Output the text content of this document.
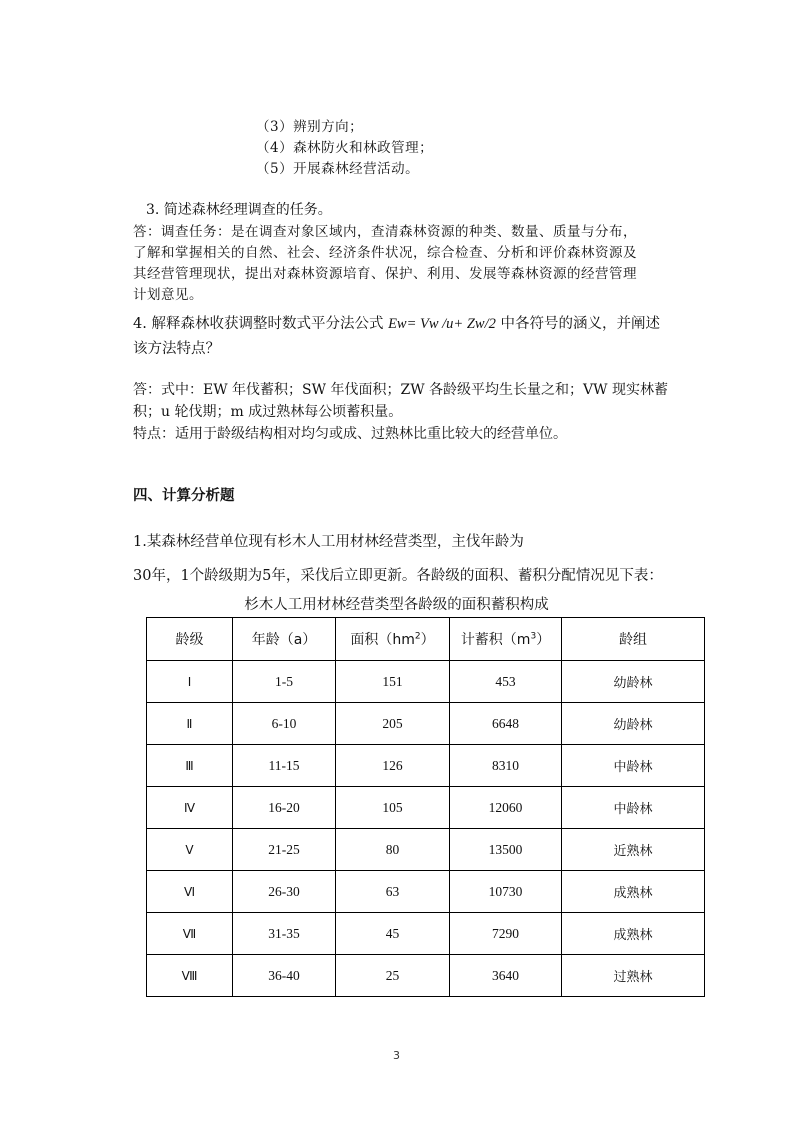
（3）辨别方向；
（4）森林防火和林政管理；
（5）开展森林经营活动。
3. 简述森林经理调查的任务。
答：调查任务：是在调查对象区域内，查清森林资源的种类、数量、质量与分布，
了解和掌握相关的自然、社会、经济条件状况，综合检查、分析和评价森林资源及
其经营管理现状，提出对森林资源培育、保护、利用、发展等森林资源的经营管理
计划意见。
4. 解释森林收获调整时数式平分法公式 Ew= Vw /u+ Zw/2 中各符号的涵义，并阐述
该方法特点？
答：式中：EW 年伐蓄积；SW 年伐面积；ZW 各龄级平均生长量之和；VW 现实林蓄
积；u 轮伐期；m 成过熟林每公顷蓄积量。
特点：适用于龄级结构相对均匀或成、过熟林比重比较大的经营单位。
四、计算分析题
1.某森林经营单位现有杉木人工用材林经营类型，主伐年龄为
30年，1个龄级期为5年，采伐后立即更新。各龄级的面积、蓄积分配情况见下表：
杉木人工用材林经营类型各龄级的面积蓄积构成
龄级	年龄（a）	面积$(hm^2)$	计蓄积$(m^3)$	龄组
Ⅰ	1-5	151	453	幼龄林
Ⅱ	6-10	205	6648	幼龄林
Ⅲ	11-15	126	8310	中龄林
Ⅳ	16-20	105	12060	中龄林
Ⅴ	21-25	80	13500	近熟林
Ⅵ	26-30	63	10730	成熟林
Ⅶ	31-35	45	7290	成熟林
Ⅷ	36-40	25	3640	过熟林
3
